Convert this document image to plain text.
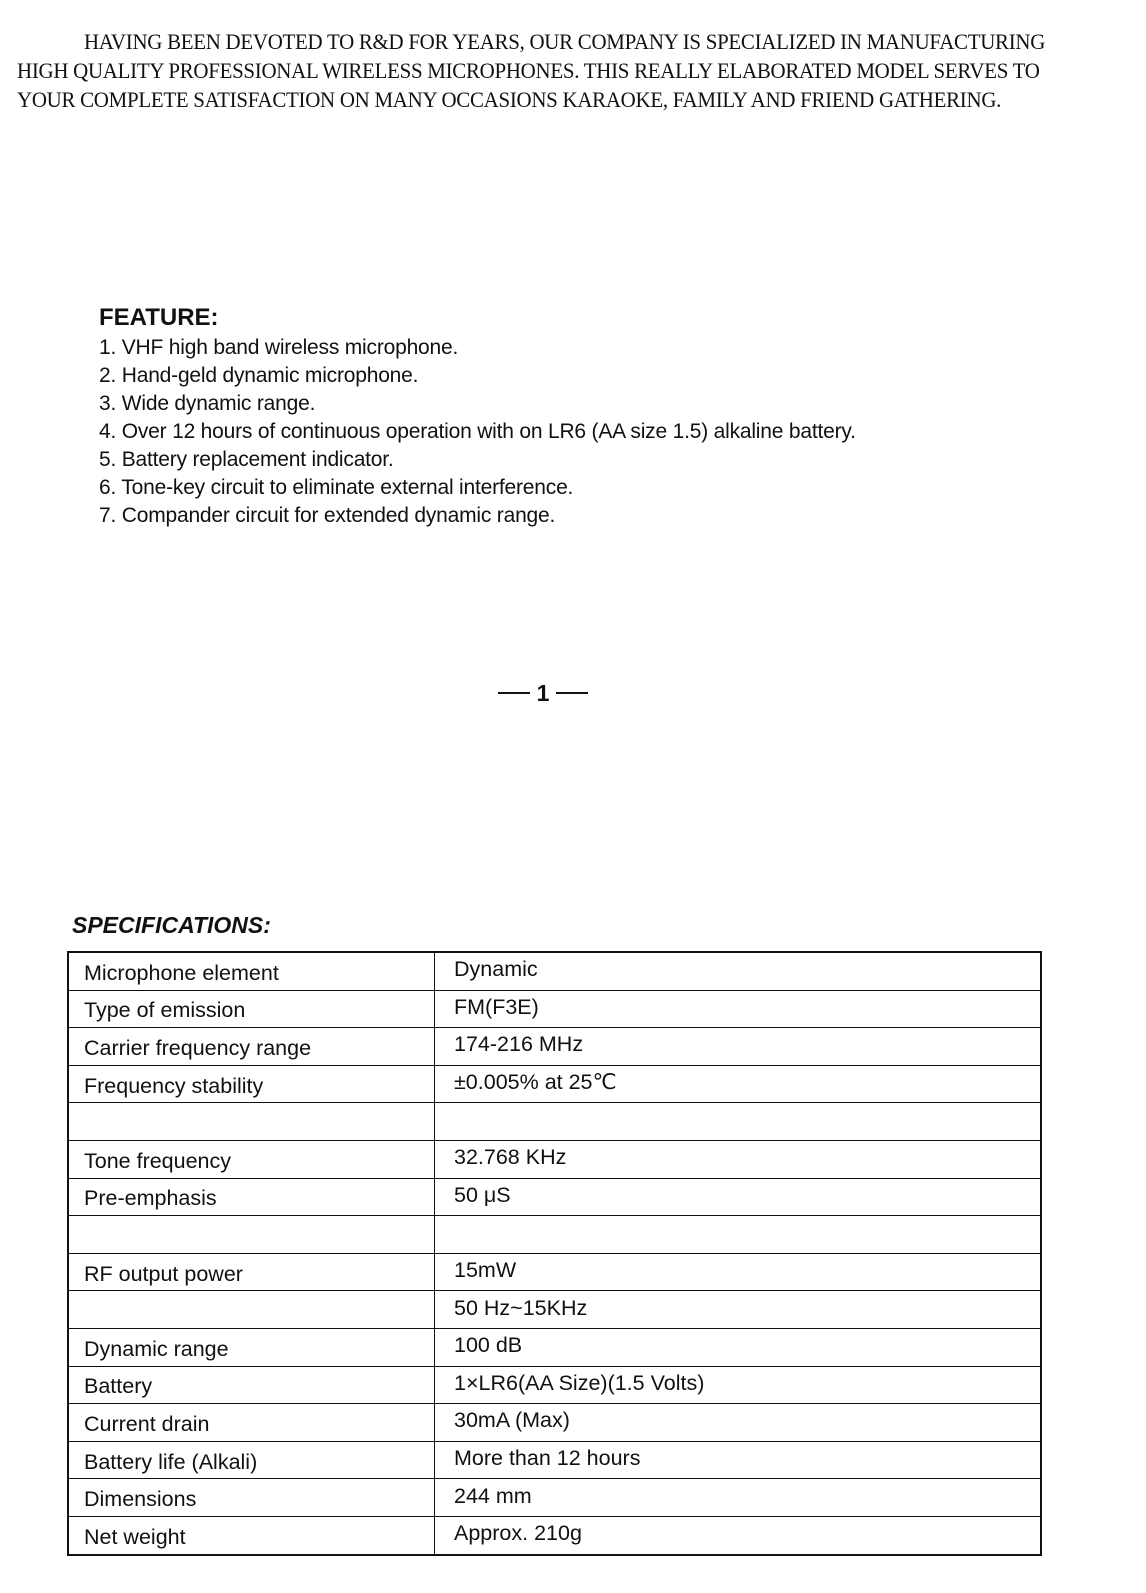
HAVING BEEN DEVOTED TO R&D FOR YEARS, OUR COMPANY IS SPECIALIZED IN MANUFACTURING
HIGH QUALITY PROFESSIONAL WIRELESS MICROPHONES. THIS REALLY ELABORATED MODEL SERVES TO
YOUR COMPLETE SATISFACTION ON MANY OCCASIONS KARAOKE, FAMILY AND FRIEND GATHERING.
FEATURE:
1. VHF high band wireless microphone.
2. Hand-geld dynamic microphone.
3. Wide dynamic range.
4. Over 12 hours of continuous operation with on LR6 (AA size 1.5) alkaline battery.
5. Battery replacement indicator.
6. Tone-key circuit to eliminate external interference.
7. Compander circuit for extended dynamic range.
1
SPECIFICATIONS:
Microphone element	Dynamic
Type of emission	FM(F3E)
Carrier frequency range	174-216 MHz
Frequency stability	±0.005% at 25℃

Tone frequency	32.768 KHz
Pre-emphasis	50 μS

RF output power	15mW
	50 Hz~15KHz
Dynamic range	100 dB
Battery	1×LR6(AA Size)(1.5 Volts)
Current drain	30mA (Max)
Battery life (Alkali)	More than 12 hours
Dimensions	244 mm
Net weight	Approx. 210g
